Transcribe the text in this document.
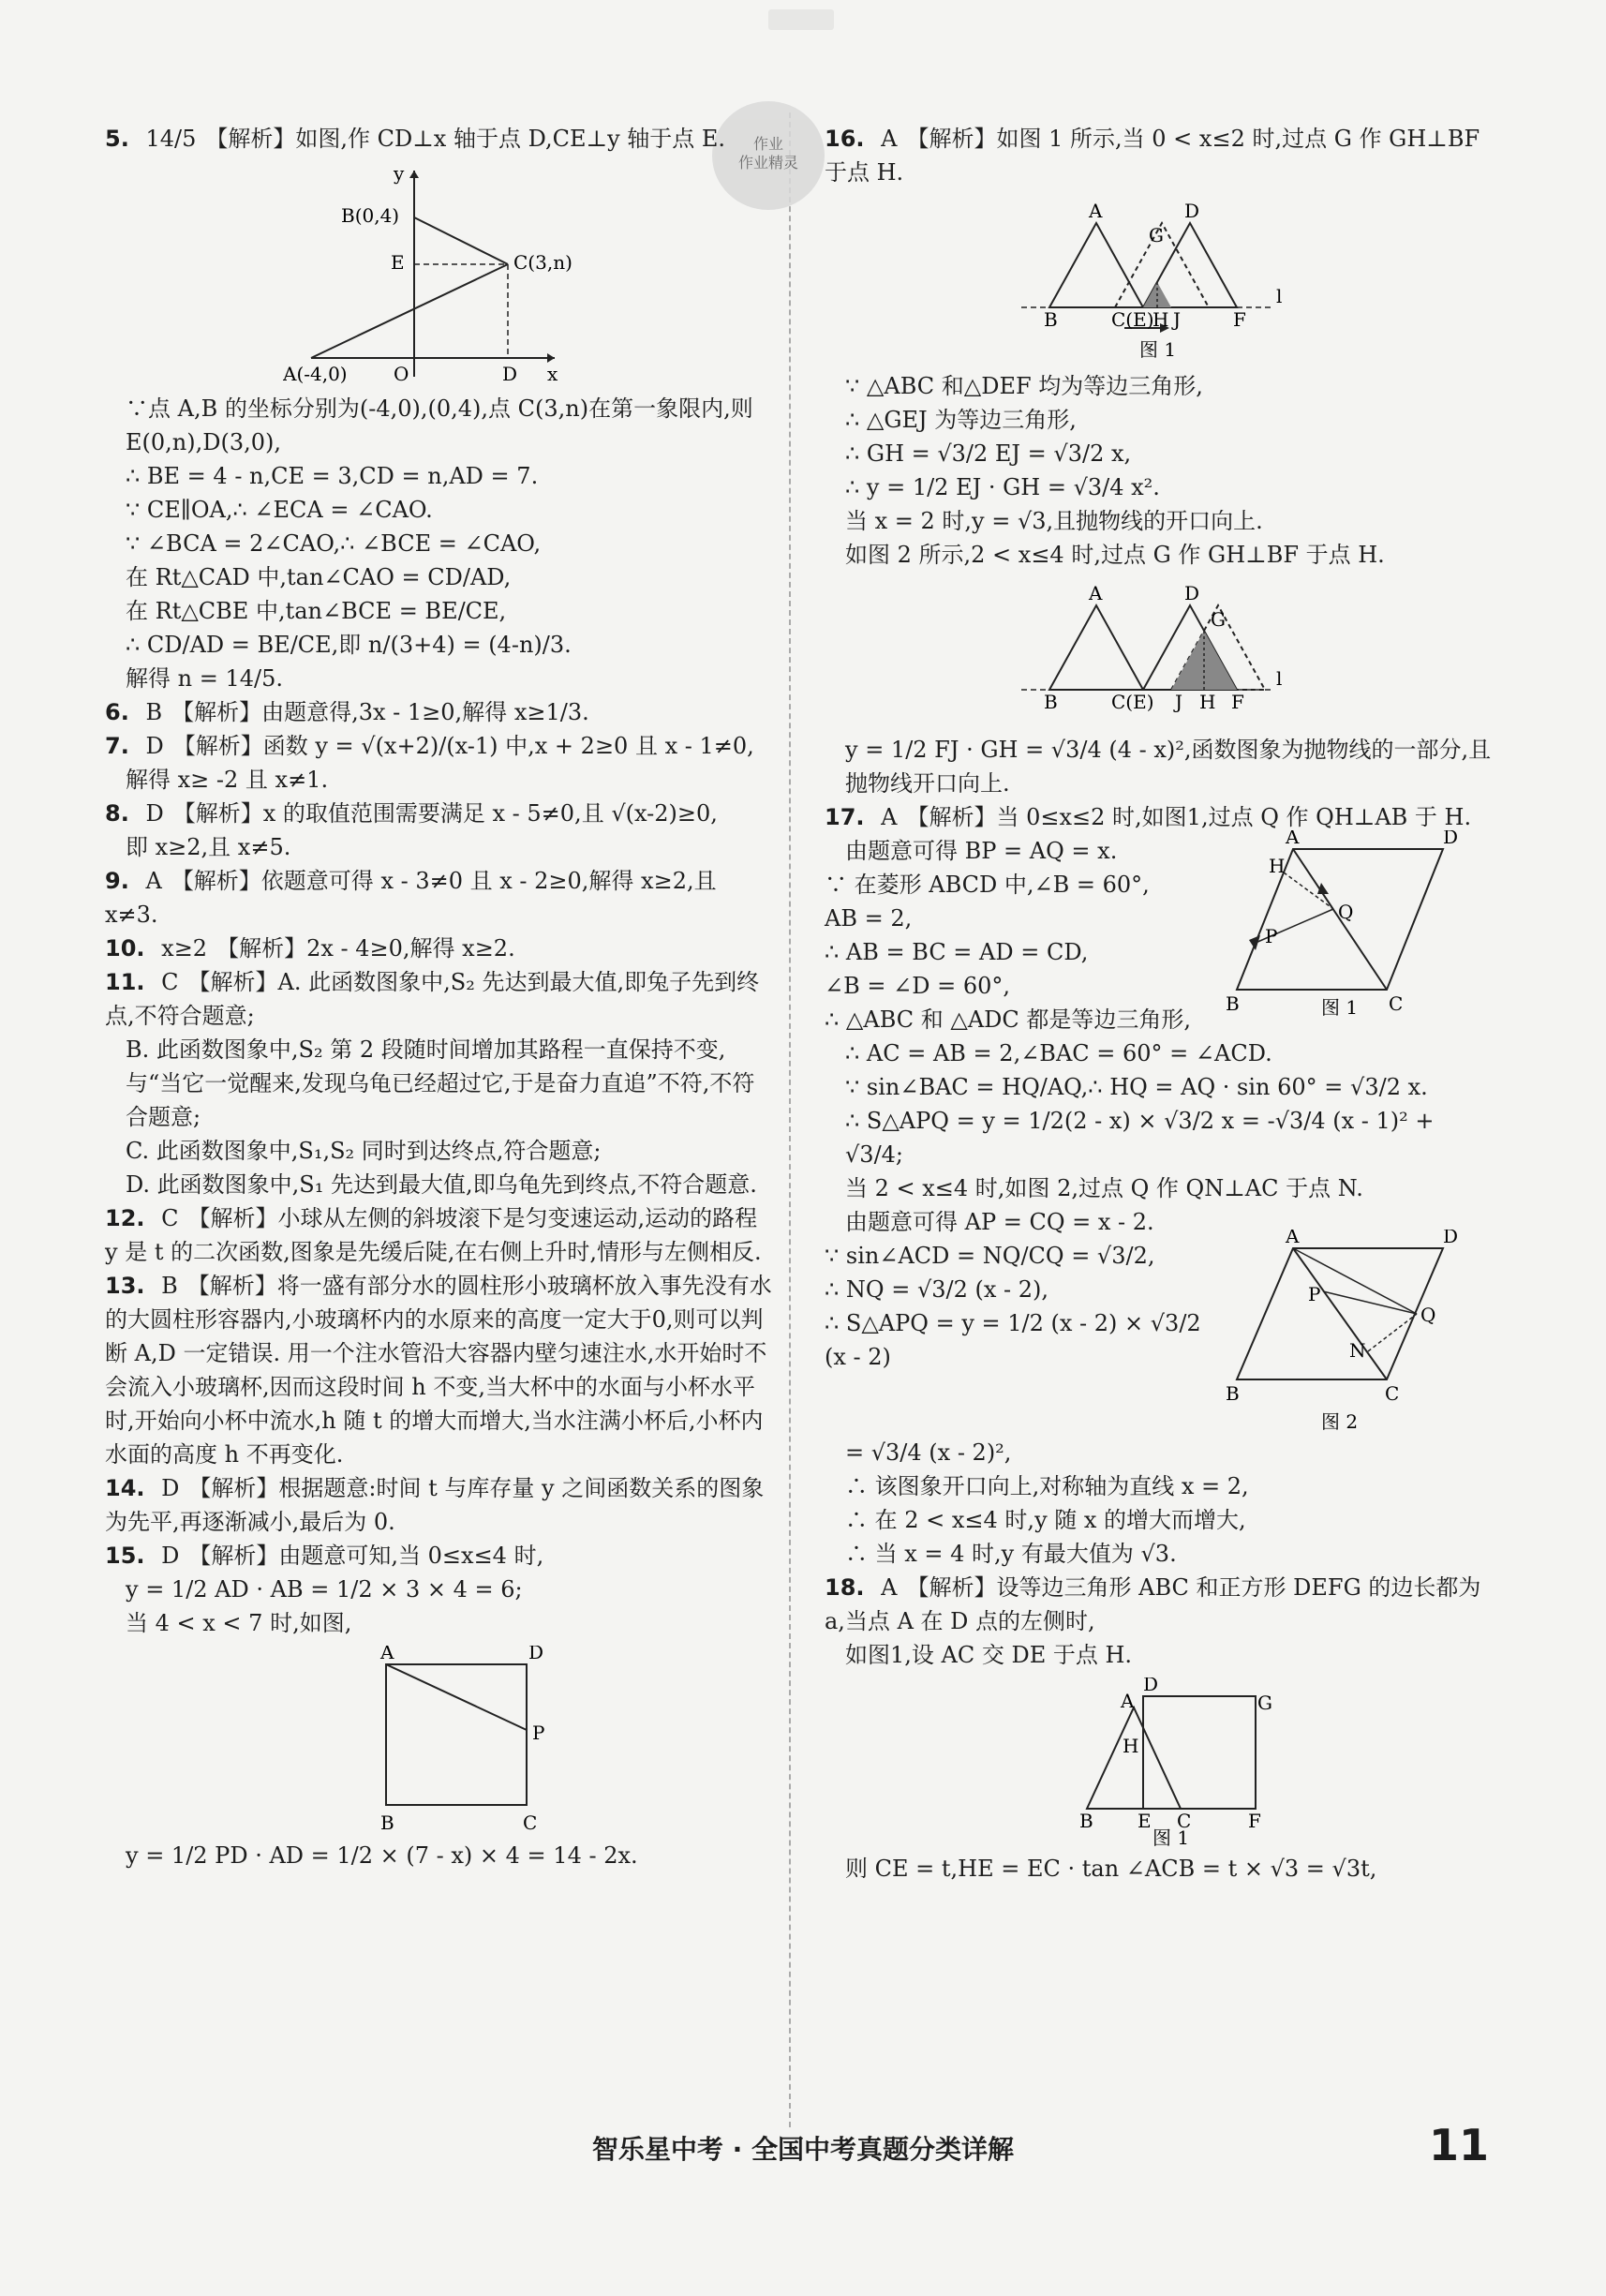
作业
作业精灵

5. 14/5 【解析】如图,作 CD⊥x 轴于点 D,CE⊥y 轴于点 E.

y
B(0,4)
E	C(3,n)
A(-4,0) O	D x

∵点 A,B 的坐标分别为(-4,0),(0,4),点 C(3,n)在第一象限内,则 E(0,n),D(3,0),

∴ BE = 4 - n,CE = 3,CD = n,AD = 7.

∵ CE∥OA,∴ ∠ECA = ∠CAO.

∵ ∠BCA = 2∠CAO,∴ ∠BCE = ∠CAO,

在 Rt△CAD 中,tan∠CAO = CD/AD,

在 Rt△CBE 中,tan∠BCE = BE/CE,

∴ CD/AD = BE/CE,即 n/(3+4) = (4-n)/3.

解得 n = 14/5.

6. B 【解析】由题意得,3x - 1≥0,解得 x≥1/3.

7. D 【解析】函数 y = √(x+2)/(x-1) 中,x + 2≥0 且 x - 1≠0,

解得 x≥ -2 且 x≠1.

8. D 【解析】x 的取值范围需要满足 x - 5≠0,且 √(x-2)≥0,

即 x≥2,且 x≠5.

9. A 【解析】依题意可得 x - 3≠0 且 x - 2≥0,解得 x≥2,且 x≠3.

10. x≥2 【解析】2x - 4≥0,解得 x≥2.

11. C 【解析】A. 此函数图象中,S₂ 先达到最大值,即兔子先到终点,不符合题意;

B. 此函数图象中,S₂ 第 2 段随时间增加其路程一直保持不变,与“当它一觉醒来,发现乌龟已经超过它,于是奋力直追”不符,不符合题意;

C. 此函数图象中,S₁,S₂ 同时到达终点,符合题意;

D. 此函数图象中,S₁ 先达到最大值,即乌龟先到终点,不符合题意.

12. C 【解析】小球从左侧的斜坡滚下是匀变速运动,运动的路程 y 是 t 的二次函数,图象是先缓后陡,在右侧上升时,情形与左侧相反.

13. B 【解析】将一盛有部分水的圆柱形小玻璃杯放入事先没有水的大圆柱形容器内,小玻璃杯内的水原来的高度一定大于0,则可以判断 A,D 一定错误. 用一个注水管沿大容器内壁匀速注水,水开始时不会流入小玻璃杯,因而这段时间 h 不变,当大杯中的水面与小杯水平时,开始向小杯中流水,h 随 t 的增大而增大,当水注满小杯后,小杯内水面的高度 h 不再变化.

14. D 【解析】根据题意:时间 t 与库存量 y 之间函数关系的图象为先平,再逐渐减小,最后为 0.

15. D 【解析】由题意可知,当 0≤x≤4 时,

y = 1/2 AD · AB = 1/2 × 3 × 4 = 6;

当 4 < x < 7 时,如图,

A	D
P
B	C

y = 1/2 PD · AD = 1/2 × (7 - x) × 4 = 14 - 2x.

16. A 【解析】如图 1 所示,当 0 < x≤2 时,过点 G 作 GH⊥BF 于点 H.

A
G
D
B	C(E)
H J	F
l
图 1

∵ △ABC 和△DEF 均为等边三角形,

∴ △GEJ 为等边三角形,

∴ GH = √3/2 EJ = √3/2 x,

∴ y = 1/2 EJ · GH = √3/4 x².

当 x = 2 时,y = √3,且抛物线的开口向上.

如图 2 所示,2 < x≤4 时,过点 G 作 GH⊥BF 于点 H.

A	D
G
B	C(E) J H F
l

y = 1/2 FJ · GH = √3/4 (4 - x)²,函数图象为抛物线的一部分,且抛物线开口向上.

17. A 【解析】当 0≤x≤2 时,如图1,过点 Q 作 QH⊥AB 于 H.

由题意可得 BP = AQ = x.

∵ 在菱形 ABCD 中,∠B = 60°,

AB = 2,

∴ AB = BC = AD = CD,

∠B = ∠D = 60°,

∴ △ABC 和 △ADC 都是等边三角形,

A	D
H
Q
P
B	C
图 1

∴ AC = AB = 2,∠BAC = 60° = ∠ACD.

∵ sin∠BAC = HQ/AQ,∴ HQ = AQ · sin 60° = √3/2 x.

∴ S△APQ = y = 1/2(2 - x) × √3/2 x = -√3/4 (x - 1)² + √3/4;

当 2 < x≤4 时,如图 2,过点 Q 作 QN⊥AC 于点 N.

由题意可得 AP = CQ = x - 2.

∵ sin∠ACD = NQ/CQ = √3/2,

∴ NQ = √3/2 (x - 2),

∴ S△APQ = y = 1/2 (x - 2) × √3/2 (x - 2)

A	D
P
Q
N
B	C
图 2

= √3/4 (x - 2)²,

∴ 该图象开口向上,对称轴为直线 x = 2,

∴ 在 2 < x≤4 时,y 随 x 的增大而增大,

∴ 当 x = 4 时,y 有最大值为 √3.

18. A 【解析】设等边三角形 ABC 和正方形 DEFG 的边长都为 a,当点 A 在 D 点的左侧时,

如图1,设 AC 交 DE 于点 H.

D
A	G
H
B E C	F
图 1

则 CE = t,HE = EC · tan ∠ACB = t × √3 = √3t,

智乐星中考 · 全国中考真题分类详解	11
